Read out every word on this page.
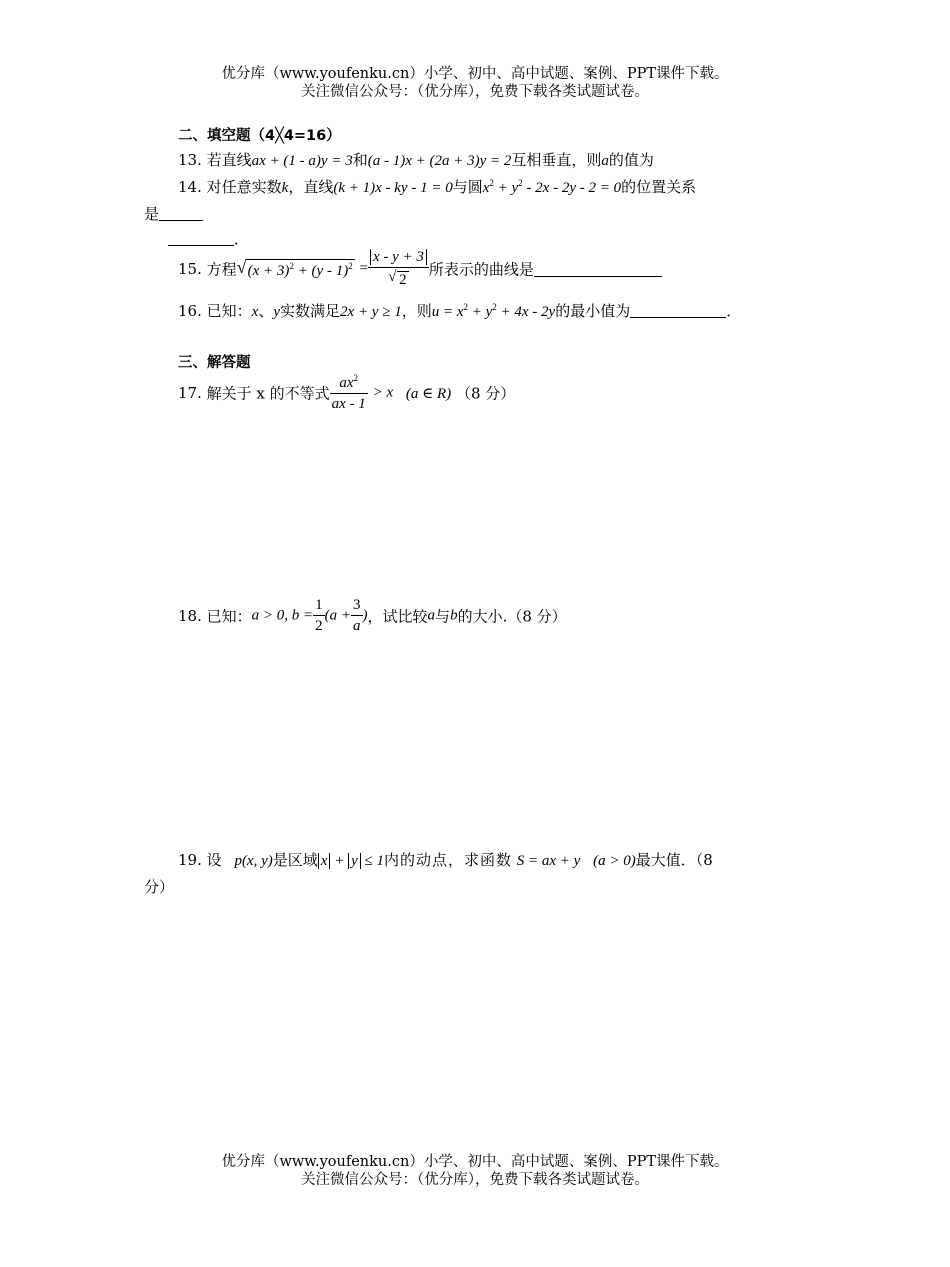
优分库（www.youfenku.cn）小学、初中、高中试题、案例、PPT课件下载。
关注微信公众号：（优分库），免费下载各类试题试卷。
二、填空题（4╳4=16）
13. 若直线ax + (1 - a)y = 3和(a - 1)x + (2a + 3)y = 2互相垂直，则a的值为
14. 对任意实数k，直线(k + 1)x - ky - 1 = 0与圆$x^2 + y^2 - 2x - 2y - 2 = 0$的位置关系
是
．
15. 方程 √ $(x + 3)^2 + (y - 1)^2 = \frac{x - y + 3}{√ 2}$ 所表示的曲线是
16. 已知：x、y实数满足2x + y ≥ 1，则$u = x^2 + y^2 + 4x - 2y$的最小值为	．
三、解答题
17. 解关于 x 的不等式 $\frac{ax^2}{ax - 1} > x$ (a ∈ R) （8 分）
18. 已知：a > 0, $b = \frac{1}{2} (a + \frac{3}{a}$ )，试比较a与b的大小.（8 分）
19. 设 p(x, y)是区域 x + y ≤ 1内的动点，求函数 S = ax + y (a > 0)最大值．（8
分）
优分库（www.youfenku.cn）小学、初中、高中试题、案例、PPT课件下载。
关注微信公众号：（优分库），免费下载各类试题试卷。
